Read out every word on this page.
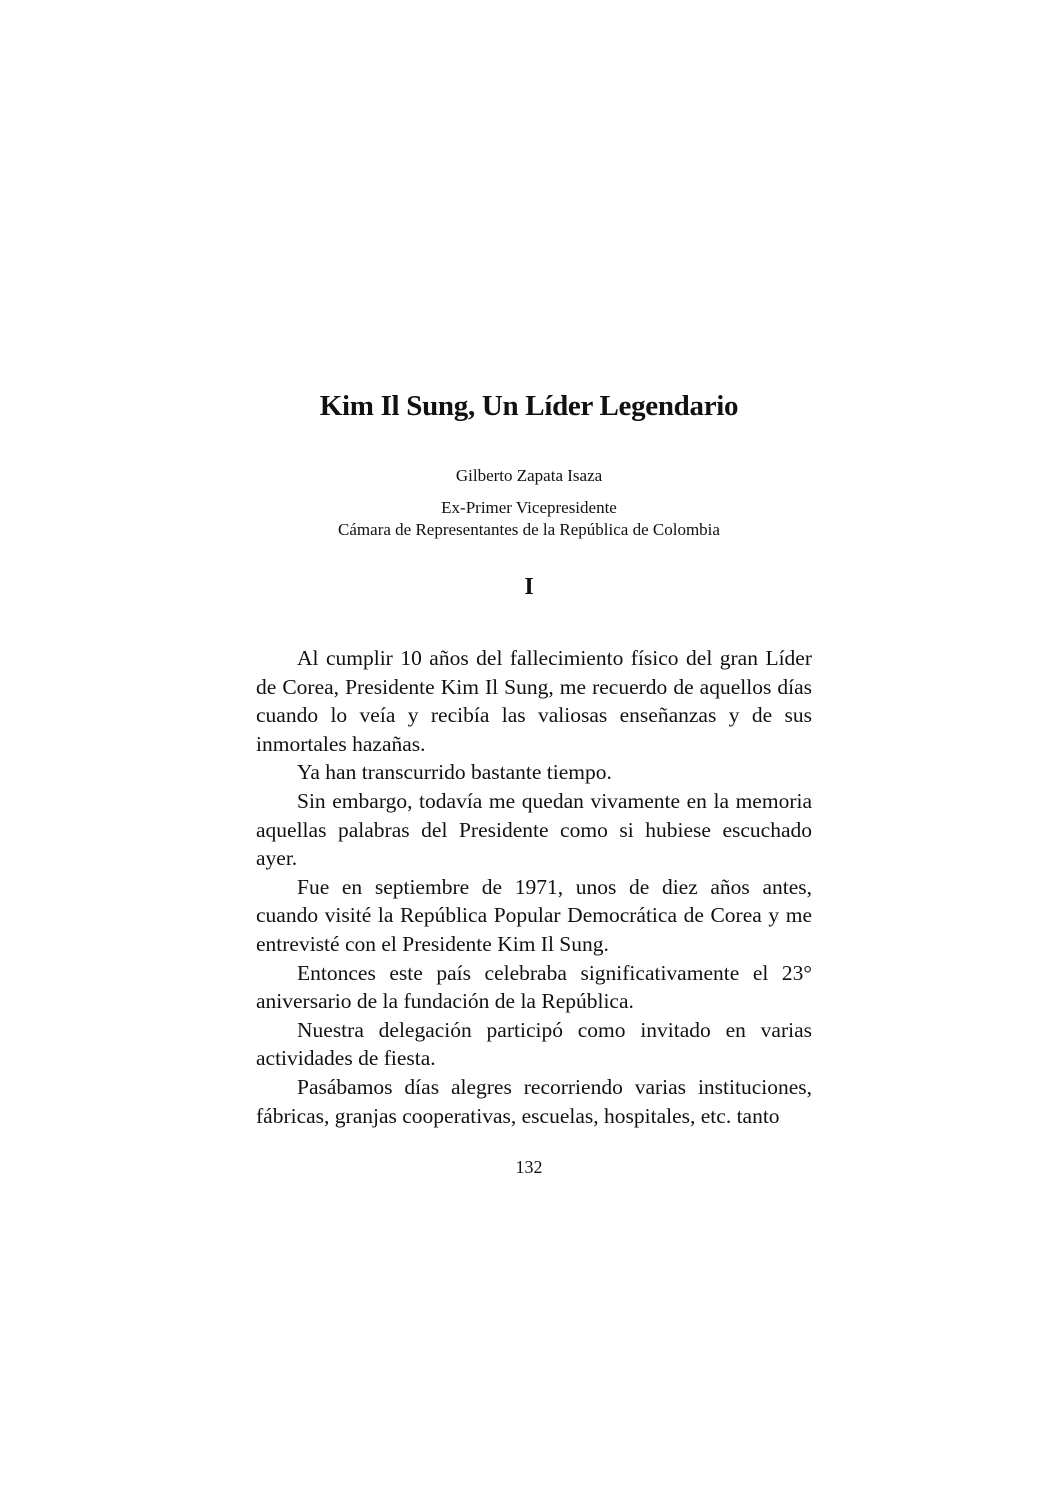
Kim Il Sung, Un Líder Legendario

Gilberto Zapata Isaza

Ex-Primer Vicepresidente

Cámara de Representantes de la República de Colombia

I

Al cumplir 10 años del fallecimiento físico del gran Líder de Corea, Presidente Kim Il Sung, me recuerdo de aquellos días cuando lo veía y recibía las valiosas enseñanzas y de sus inmortales hazañas.

Ya han transcurrido bastante tiempo.

Sin embargo, todavía me quedan vivamente en la memoria aquellas palabras del Presidente como si hubiese escuchado ayer.

Fue en septiembre de 1971, unos de diez años antes, cuando visité la República Popular Democrática de Corea y me entrevisté con el Presidente Kim Il Sung.

Entonces este país celebraba significativamente el 23° aniversario de la fundación de la República.

Nuestra delegación participó como invitado en varias actividades de fiesta.

Pasábamos días alegres recorriendo varias instituciones, fábricas, granjas cooperativas, escuelas, hospitales, etc. tanto

132
